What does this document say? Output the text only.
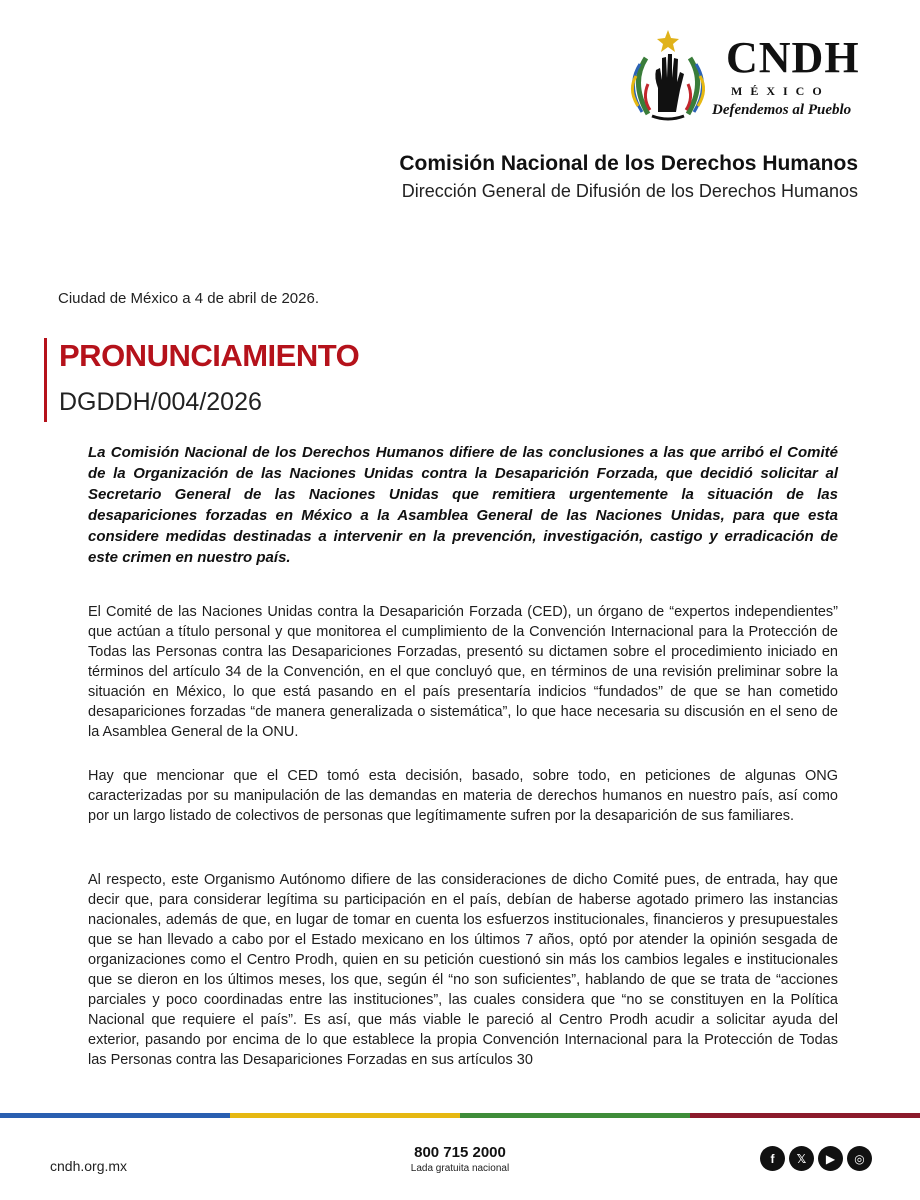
CNDH
MÉXICO
Defendemos al Pueblo
Comisión Nacional de los Derechos Humanos
Dirección General de Difusión de los Derechos Humanos
Ciudad de México a 4 de abril de 2026.
PRONUNCIAMIENTO
DGDDH/004/2026
La Comisión Nacional de los Derechos Humanos difiere de las conclusiones a las que arribó el Comité de la Organización de las Naciones Unidas contra la Desaparición Forzada, que decidió solicitar al Secretario General de las Naciones Unidas que remitiera urgentemente la situación de las desapariciones forzadas en México a la Asamblea General de las Naciones Unidas, para que esta considere medidas destinadas a intervenir en la prevención, investigación, castigo y erradicación de este crimen en nuestro país.
El Comité de las Naciones Unidas contra la Desaparición Forzada (CED), un órgano de “expertos independientes” que actúan a título personal y que monitorea el cumplimiento de la Convención Internacional para la Protección de Todas las Personas contra las Desapariciones Forzadas, presentó su dictamen sobre el procedimiento iniciado en términos del artículo 34 de la Convención, en el que concluyó que, en términos de una revisión preliminar sobre la situación en México, lo que está pasando en el país presentaría indicios “fundados” de que se han cometido desapariciones forzadas “de manera generalizada o sistemática”, lo que hace necesaria su discusión en el seno de la Asamblea General de la ONU.
Hay que mencionar que el CED tomó esta decisión, basado, sobre todo, en peticiones de algunas ONG caracterizadas por su manipulación de las demandas en materia de derechos humanos en nuestro país, así como por un largo listado de colectivos de personas que legítimamente sufren por la desaparición de sus familiares.
Al respecto, este Organismo Autónomo difiere de las consideraciones de dicho Comité pues, de entrada, hay que decir que, para considerar legítima su participación en el país, debían de haberse agotado primero las instancias nacionales, además de que, en lugar de tomar en cuenta los esfuerzos institucionales, financieros y presupuestales que se han llevado a cabo por el Estado mexicano en los últimos 7 años, optó por atender la opinión sesgada de organizaciones como el Centro Prodh, quien en su petición cuestionó sin más los cambios legales e institucionales que se dieron en los últimos meses, los que, según él “no son suficientes”, hablando de que se trata de “acciones parciales y poco coordinadas entre las instituciones”, las cuales considera que “no se constituyen en la Política Nacional que requiere el país”. Es así, que más viable le pareció al Centro Prodh acudir a solicitar ayuda del exterior, pasando por encima de lo que establece la propia Convención Internacional para la Protección de Todas las Personas contra las Desapariciones Forzadas en sus artículos 30
cndh.org.mx
800 715 2000
Lada gratuita nacional
f	𝕏	▶	◎
